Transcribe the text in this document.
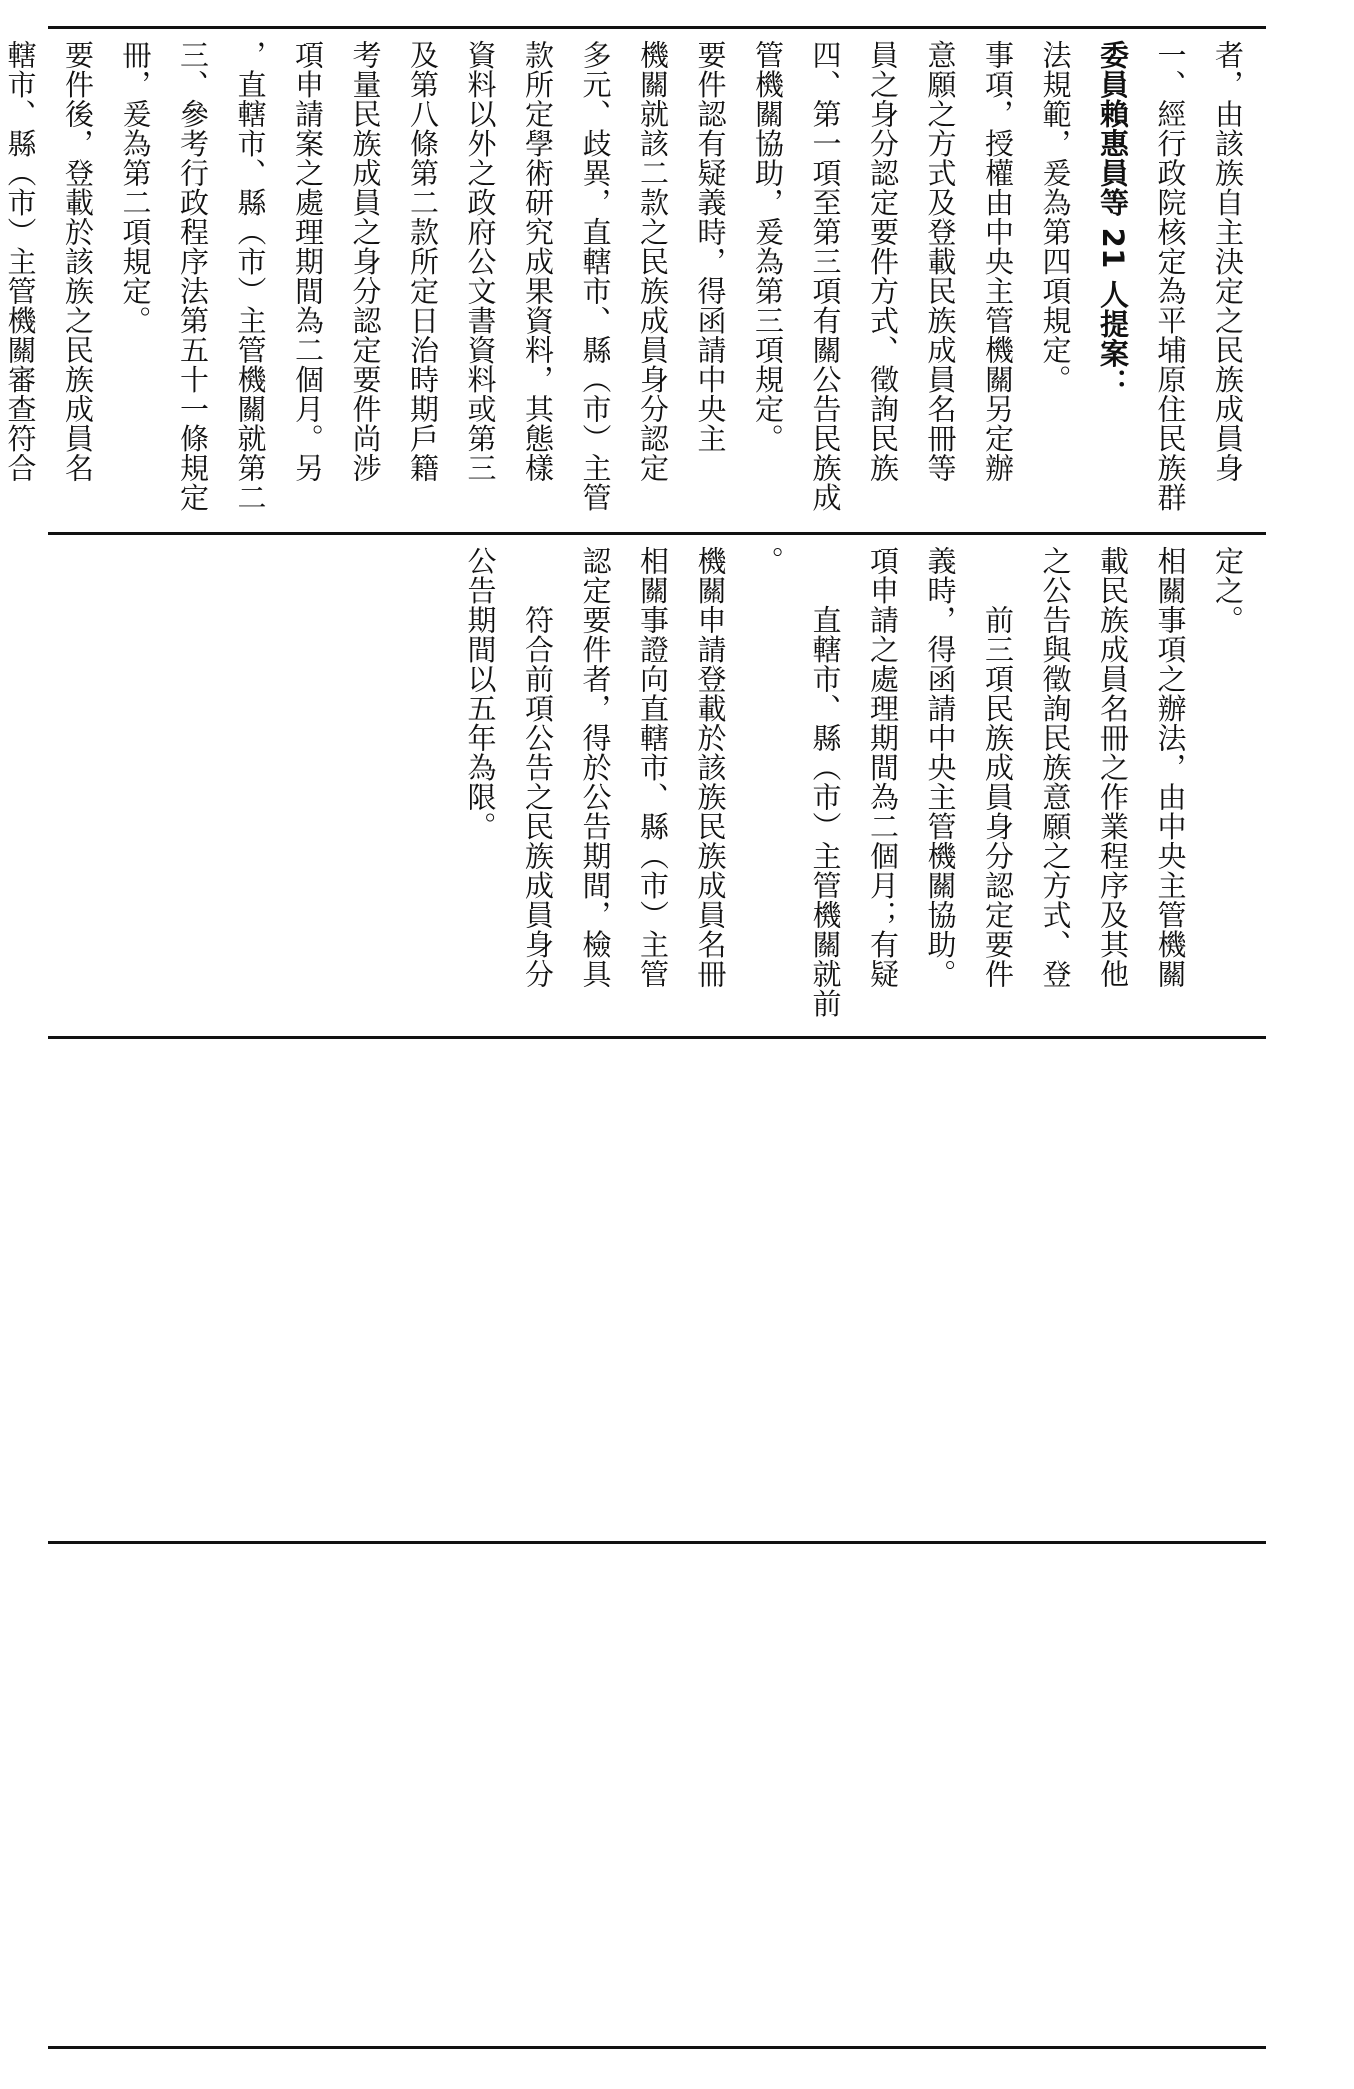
者，由該族自主決定之民族成員身
一、經行政院核定為平埔原住民族群
委員賴惠員等 21 人提案：
法規範，爰為第四項規定。
事項，授權由中央主管機關另定辦
意願之方式及登載民族成員名冊等
員之身分認定要件方式、徵詢民族
四、第一項至第三項有關公告民族成
管機關協助，爰為第三項規定。
要件認有疑義時，得函請中央主
機關就該二款之民族成員身分認定
多元、歧異，直轄市、縣（市）主管
款所定學術研究成果資料，其態樣
資料以外之政府公文書資料或第三
及第八條第二款所定日治時期戶籍
考量民族成員之身分認定要件尚涉
項申請案之處理期間為二個月。另
，直轄市、縣（市）主管機關就第二
三、參考行政程序法第五十一條規定
冊，爰為第二項規定。
要件後，登載於該族之民族成員名
轄市、縣（市）主管機關審查符合
定之。
相關事項之辦法，由中央主管機關
載民族成員名冊之作業程序及其他
之公告與徵詢民族意願之方式、登
　　前三項民族成員身分認定要件
義時，得函請中央主管機關協助。
項申請之處理期間為二個月；有疑
　　直轄市、縣（市）主管機關就前
。
機關申請登載於該族民族成員名冊
相關事證向直轄市、縣（市）主管
認定要件者，得於公告期間，檢具
　　符合前項公告之民族成員身分
公告期間以五年為限。
